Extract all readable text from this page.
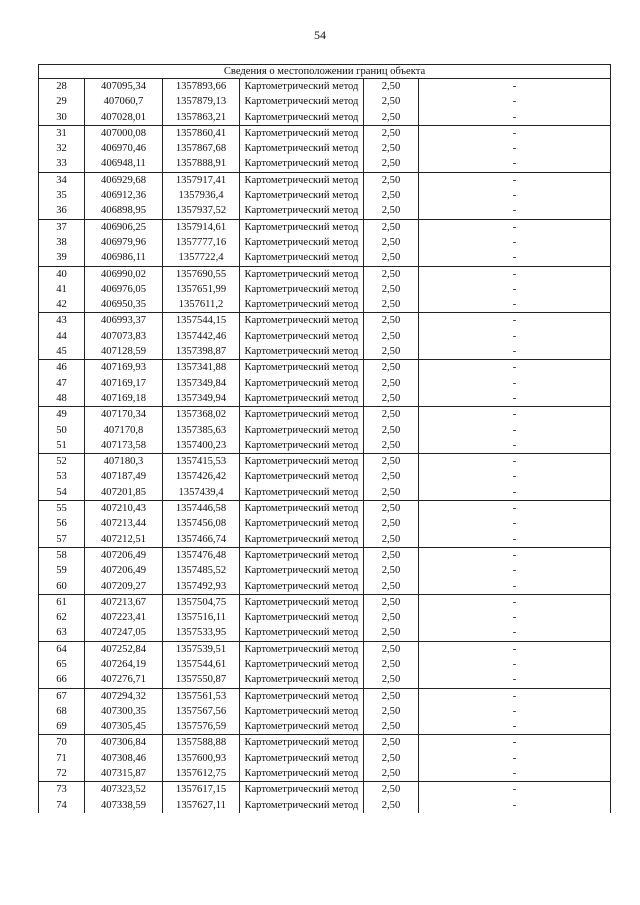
54
Сведения о местоположении границ объекта					
28	407095,34	1357893,66	Картометрический метод	2,50	-
29	407060,7	1357879,13	Картометрический метод	2,50	-
30	407028,01	1357863,21	Картометрический метод	2,50	-
31	407000,08	1357860,41	Картометрический метод	2,50	-
32	406970,46	1357867,68	Картометрический метод	2,50	-
33	406948,11	1357888,91	Картометрический метод	2,50	-
34	406929,68	1357917,41	Картометрический метод	2,50	-
35	406912,36	1357936,4	Картометрический метод	2,50	-
36	406898,95	1357937,52	Картометрический метод	2,50	-
37	406906,25	1357914,61	Картометрический метод	2,50	-
38	406979,96	1357777,16	Картометрический метод	2,50	-
39	406986,11	1357722,4	Картометрический метод	2,50	-
40	406990,02	1357690,55	Картометрический метод	2,50	-
41	406976,05	1357651,99	Картометрический метод	2,50	-
42	406950,35	1357611,2	Картометрический метод	2,50	-
43	406993,37	1357544,15	Картометрический метод	2,50	-
44	407073,83	1357442,46	Картометрический метод	2,50	-
45	407128,59	1357398,87	Картометрический метод	2,50	-
46	407169,93	1357341,88	Картометрический метод	2,50	-
47	407169,17	1357349,84	Картометрический метод	2,50	-
48	407169,18	1357349,94	Картометрический метод	2,50	-
49	407170,34	1357368,02	Картометрический метод	2,50	-
50	407170,8	1357385,63	Картометрический метод	2,50	-
51	407173,58	1357400,23	Картометрический метод	2,50	-
52	407180,3	1357415,53	Картометрический метод	2,50	-
53	407187,49	1357426,42	Картометрический метод	2,50	-
54	407201,85	1357439,4	Картометрический метод	2,50	-
55	407210,43	1357446,58	Картометрический метод	2,50	-
56	407213,44	1357456,08	Картометрический метод	2,50	-
57	407212,51	1357466,74	Картометрический метод	2,50	-
58	407206,49	1357476,48	Картометрический метод	2,50	-
59	407206,49	1357485,52	Картометрический метод	2,50	-
60	407209,27	1357492,93	Картометрический метод	2,50	-
61	407213,67	1357504,75	Картометрический метод	2,50	-
62	407223,41	1357516,11	Картометрический метод	2,50	-
63	407247,05	1357533,95	Картометрический метод	2,50	-
64	407252,84	1357539,51	Картометрический метод	2,50	-
65	407264,19	1357544,61	Картометрический метод	2,50	-
66	407276,71	1357550,87	Картометрический метод	2,50	-
67	407294,32	1357561,53	Картометрический метод	2,50	-
68	407300,35	1357567,56	Картометрический метод	2,50	-
69	407305,45	1357576,59	Картометрический метод	2,50	-
70	407306,84	1357588,88	Картометрический метод	2,50	-
71	407308,46	1357600,93	Картометрический метод	2,50	-
72	407315,87	1357612,75	Картометрический метод	2,50	-
73	407323,52	1357617,15	Картометрический метод	2,50	-
74	407338,59	1357627,11	Картометрический метод	2,50	-
